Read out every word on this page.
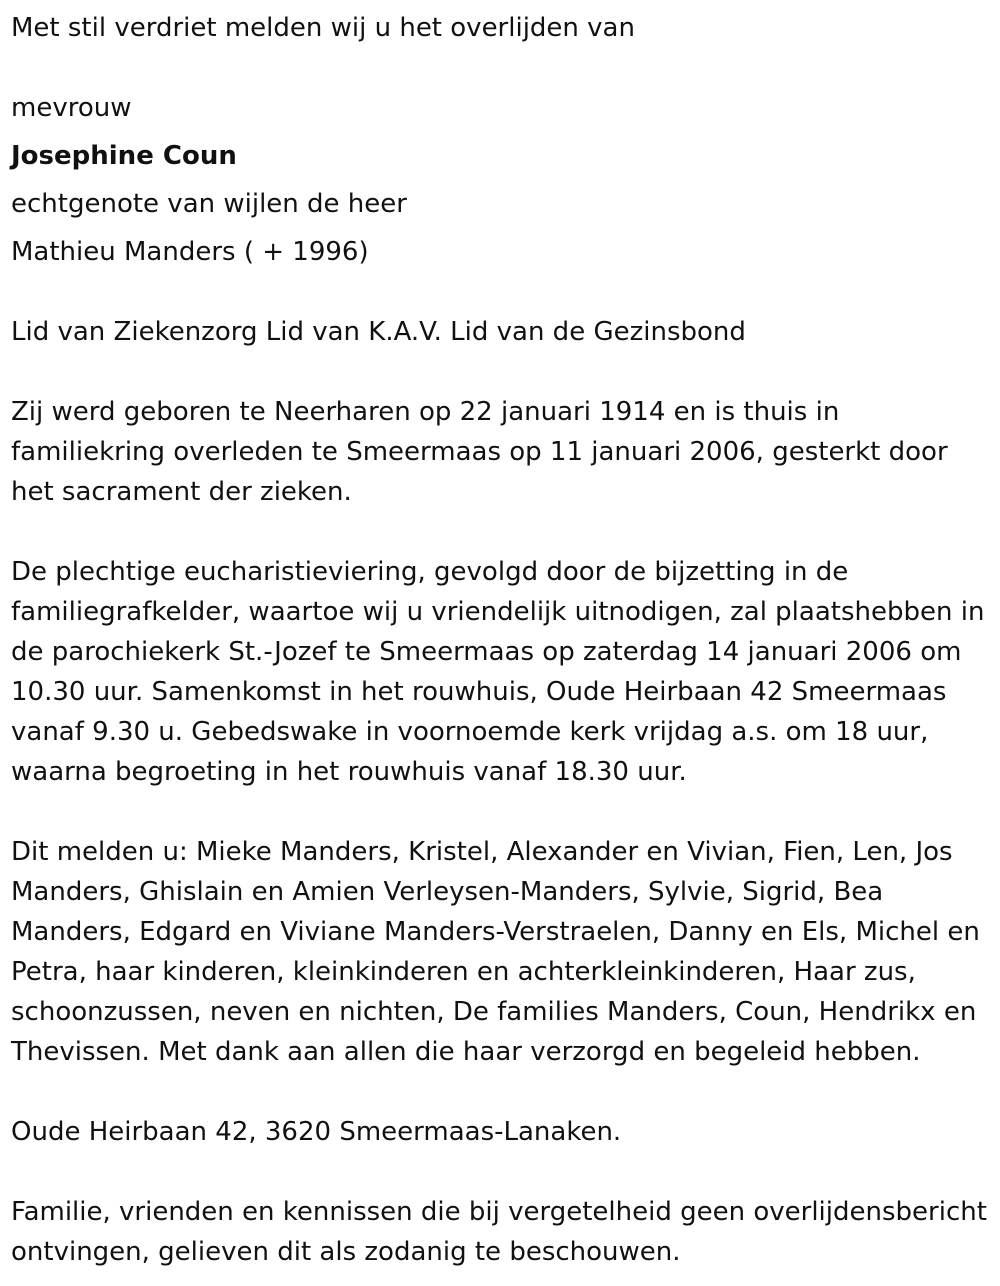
Met stil verdriet melden wij u het overlijden van

mevrouw

Josephine Coun

echtgenote van wijlen de heer

Mathieu Manders ( + 1996)

Lid van Ziekenzorg Lid van K.A.V. Lid van de Gezinsbond

Zij werd geboren te Neerharen op 22 januari 1914 en is thuis in familiekring overleden te Smeermaas op 11 januari 2006, gesterkt door het sacrament der zieken.

De plechtige eucharistieviering, gevolgd door de bijzetting in de familiegrafkelder, waartoe wij u vriendelijk uitnodigen, zal plaatshebben in de parochiekerk St.-Jozef te Smeermaas op zaterdag 14 januari 2006 om 10.30 uur. Samenkomst in het rouwhuis, Oude Heirbaan 42 Smeermaas vanaf 9.30 u. Gebedswake in voornoemde kerk vrijdag a.s. om 18 uur, waarna begroeting in het rouwhuis vanaf 18.30 uur.

Dit melden u: Mieke Manders, Kristel, Alexander en Vivian, Fien, Len, Jos Manders, Ghislain en Amien Verleysen-Manders, Sylvie, Sigrid, Bea Manders, Edgard en Viviane Manders-Verstraelen, Danny en Els, Michel en Petra, haar kinderen, kleinkinderen en achterkleinkinderen, Haar zus, schoonzussen, neven en nichten, De families Manders, Coun, Hendrikx en Thevissen. Met dank aan allen die haar verzorgd en begeleid hebben.

Oude Heirbaan 42, 3620 Smeermaas-Lanaken.

Familie, vrienden en kennissen die bij vergetelheid geen overlijdensbericht ontvingen, gelieven dit als zodanig te beschouwen.
